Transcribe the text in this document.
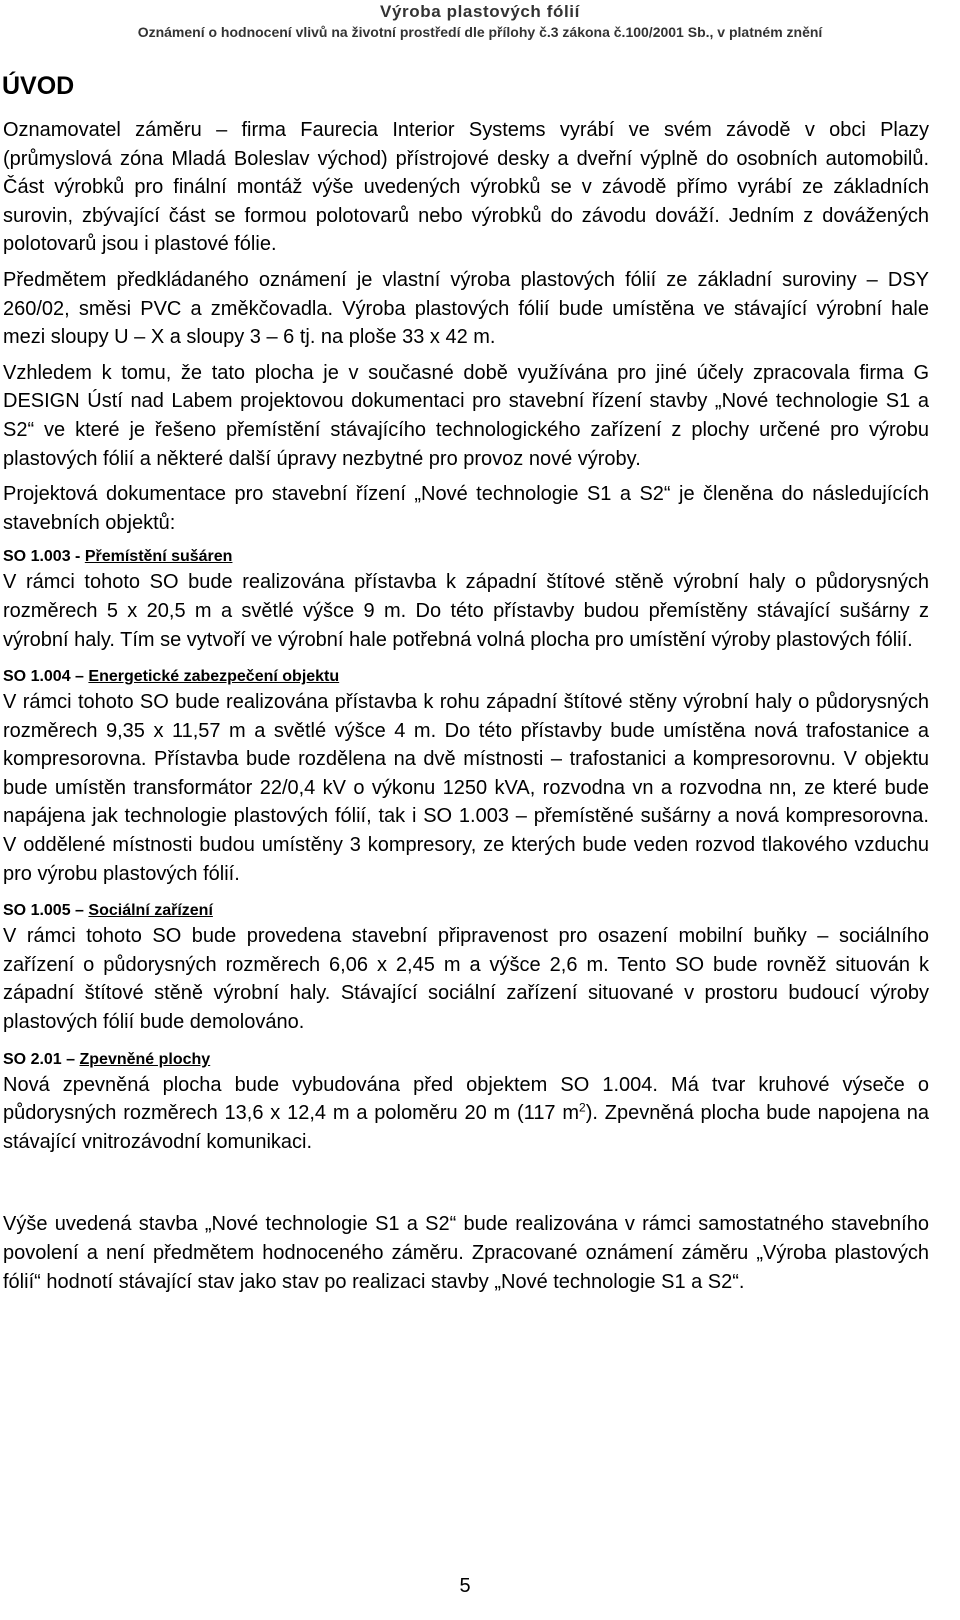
Výroba plastových fólií
Oznámení o hodnocení vlivů na životní prostředí dle přílohy č.3 zákona č.100/2001 Sb., v platném znění
ÚVOD

Oznamovatel záměru – firma Faurecia Interior Systems vyrábí ve svém závodě v obci Plazy (průmyslová zóna Mladá Boleslav východ) přístrojové desky a dveřní výplně do osobních automobilů. Část výrobků pro finální montáž výše uvedených výrobků se v závodě přímo vyrábí ze základních surovin, zbývající část se formou polotovarů nebo výrobků do závodu dováží. Jedním z dovážených polotovarů jsou i plastové fólie.

Předmětem předkládaného oznámení je vlastní výroba plastových fólií ze základní suroviny – DSY 260/02, směsi PVC a změkčovadla. Výroba plastových fólií bude umístěna ve stávající výrobní hale mezi sloupy U – X a sloupy 3 – 6 tj. na ploše 33 x 42 m.

Vzhledem k tomu, že tato plocha je v současné době využívána pro jiné účely zpracovala firma G DESIGN Ústí nad Labem projektovou dokumentaci pro stavební řízení stavby „Nové technologie S1 a S2“ ve které je řešeno přemístění stávajícího technologického zařízení z plochy určené pro výrobu plastových fólií a některé další úpravy nezbytné pro provoz nové výroby.

Projektová dokumentace pro stavební řízení „Nové technologie S1 a S2“ je členěna do následujících stavebních objektů:

SO 1.003 - Přemístění sušáren

V rámci tohoto SO bude realizována přístavba k západní štítové stěně výrobní haly o půdorysných rozměrech 5 x 20,5 m a světlé výšce 9 m. Do této přístavby budou přemístěny stávající sušárny z výrobní haly. Tím se vytvoří ve výrobní hale potřebná volná plocha pro umístění výroby plastových fólií.

SO 1.004 – Energetické zabezpečení objektu

V rámci tohoto SO bude realizována přístavba k rohu západní štítové stěny výrobní haly o půdorysných rozměrech 9,35 x 11,57 m a světlé výšce 4 m. Do této přístavby bude umístěna nová trafostanice a kompresorovna. Přístavba bude rozdělena na dvě místnosti – trafostanici a kompresorovnu. V objektu bude umístěn transformátor 22/0,4 kV o výkonu 1250 kVA, rozvodna vn a rozvodna nn, ze které bude napájena jak technologie plastových fólií, tak i SO 1.003 – přemístěné sušárny a nová kompresorovna. V oddělené místnosti budou umístěny 3 kompresory, ze kterých bude veden rozvod tlakového vzduchu pro výrobu plastových fólií.

SO 1.005 – Sociální zařízení

V rámci tohoto SO bude provedena stavební připravenost pro osazení mobilní buňky – sociálního zařízení o půdorysných rozměrech 6,06 x 2,45 m a výšce 2,6 m. Tento SO bude rovněž situován k západní štítové stěně výrobní haly. Stávající sociální zařízení situované v prostoru budoucí výroby plastových fólií bude demolováno.

SO 2.01 – Zpevněné plochy

Nová zpevněná plocha bude vybudována před objektem SO 1.004. Má tvar kruhové výseče o půdorysných rozměrech 13,6 x 12,4 m a poloměru 20 m (117 $m^2$). Zpevněná plocha bude napojena na stávající vnitrozávodní komunikaci.

Výše uvedená stavba „Nové technologie S1 a S2“ bude realizována v rámci samostatného stavebního povolení a není předmětem hodnoceného záměru. Zpracované oznámení záměru „Výroba plastových fólií“ hodnotí stávající stav jako stav po realizaci stavby „Nové technologie S1 a S2“.

5
